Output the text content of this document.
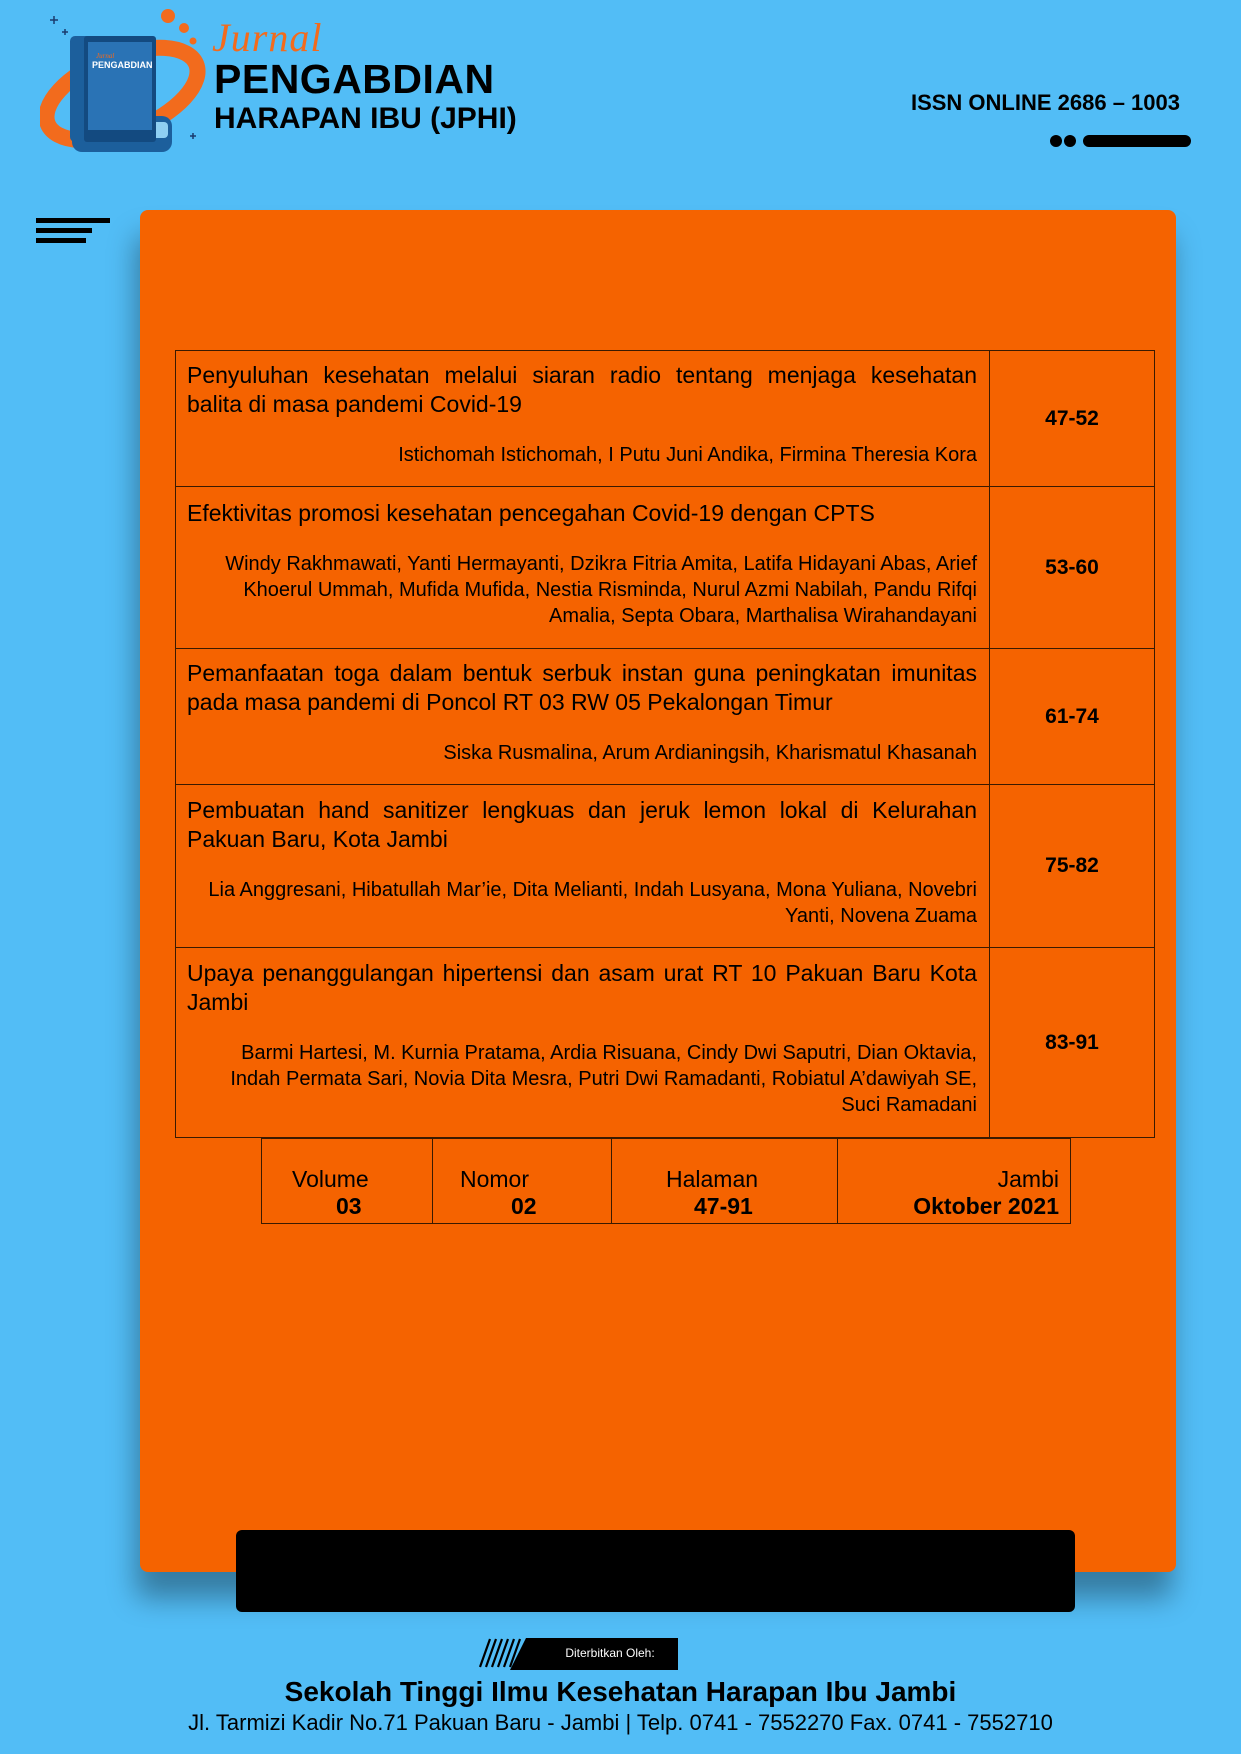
Jurnal
PENGABDIAN
Jurnal
PENGABDIAN
HARAPAN IBU (JPHI)	ISSN ONLINE 2686 – 1003
Penyuluhan kesehatan melalui siaran radio tentang menjaga kesehatan balita di masa pandemi Covid-19
Istichomah Istichomah, I Putu Juni Andika, Firmina Theresia Kora	47-52

Efektivitas promosi kesehatan pencegahan Covid-19 dengan CPTS
Windy Rakhmawati, Yanti Hermayanti, Dzikra Fitria Amita, Latifa Hidayani Abas, Arief Khoerul Ummah, Mufida Mufida, Nestia Risminda, Nurul Azmi Nabilah, Pandu Rifqi Amalia, Septa Obara, Marthalisa Wirahandayani	53-60

Pemanfaatan toga dalam bentuk serbuk instan guna peningkatan imunitas pada masa pandemi di Poncol RT 03 RW 05 Pekalongan Timur
Siska Rusmalina, Arum Ardianingsih, Kharismatul Khasanah	61-74

Pembuatan hand sanitizer lengkuas dan jeruk lemon lokal di Kelurahan Pakuan Baru, Kota Jambi
Lia Anggresani, Hibatullah Mar’ie, Dita Melianti, Indah Lusyana, Mona Yuliana, Novebri Yanti, Novena Zuama	75-82

Upaya penanggulangan hipertensi dan asam urat RT 10 Pakuan Baru Kota Jambi
Barmi Hartesi, M. Kurnia Pratama, Ardia Risuana, Cindy Dwi Saputri, Dian Oktavia, Indah Permata Sari, Novia Dita Mesra, Putri Dwi Ramadanti, Robiatul A’dawiyah SE, Suci Ramadani	83-91
Volume
03

Nomor
02

Halaman
47-91

Jambi
Oktober 2021
Diterbitkan Oleh:
Sekolah Tinggi Ilmu Kesehatan Harapan Ibu Jambi
Jl. Tarmizi Kadir No.71 Pakuan Baru - Jambi | Telp. 0741 - 7552270 Fax. 0741 - 7552710
